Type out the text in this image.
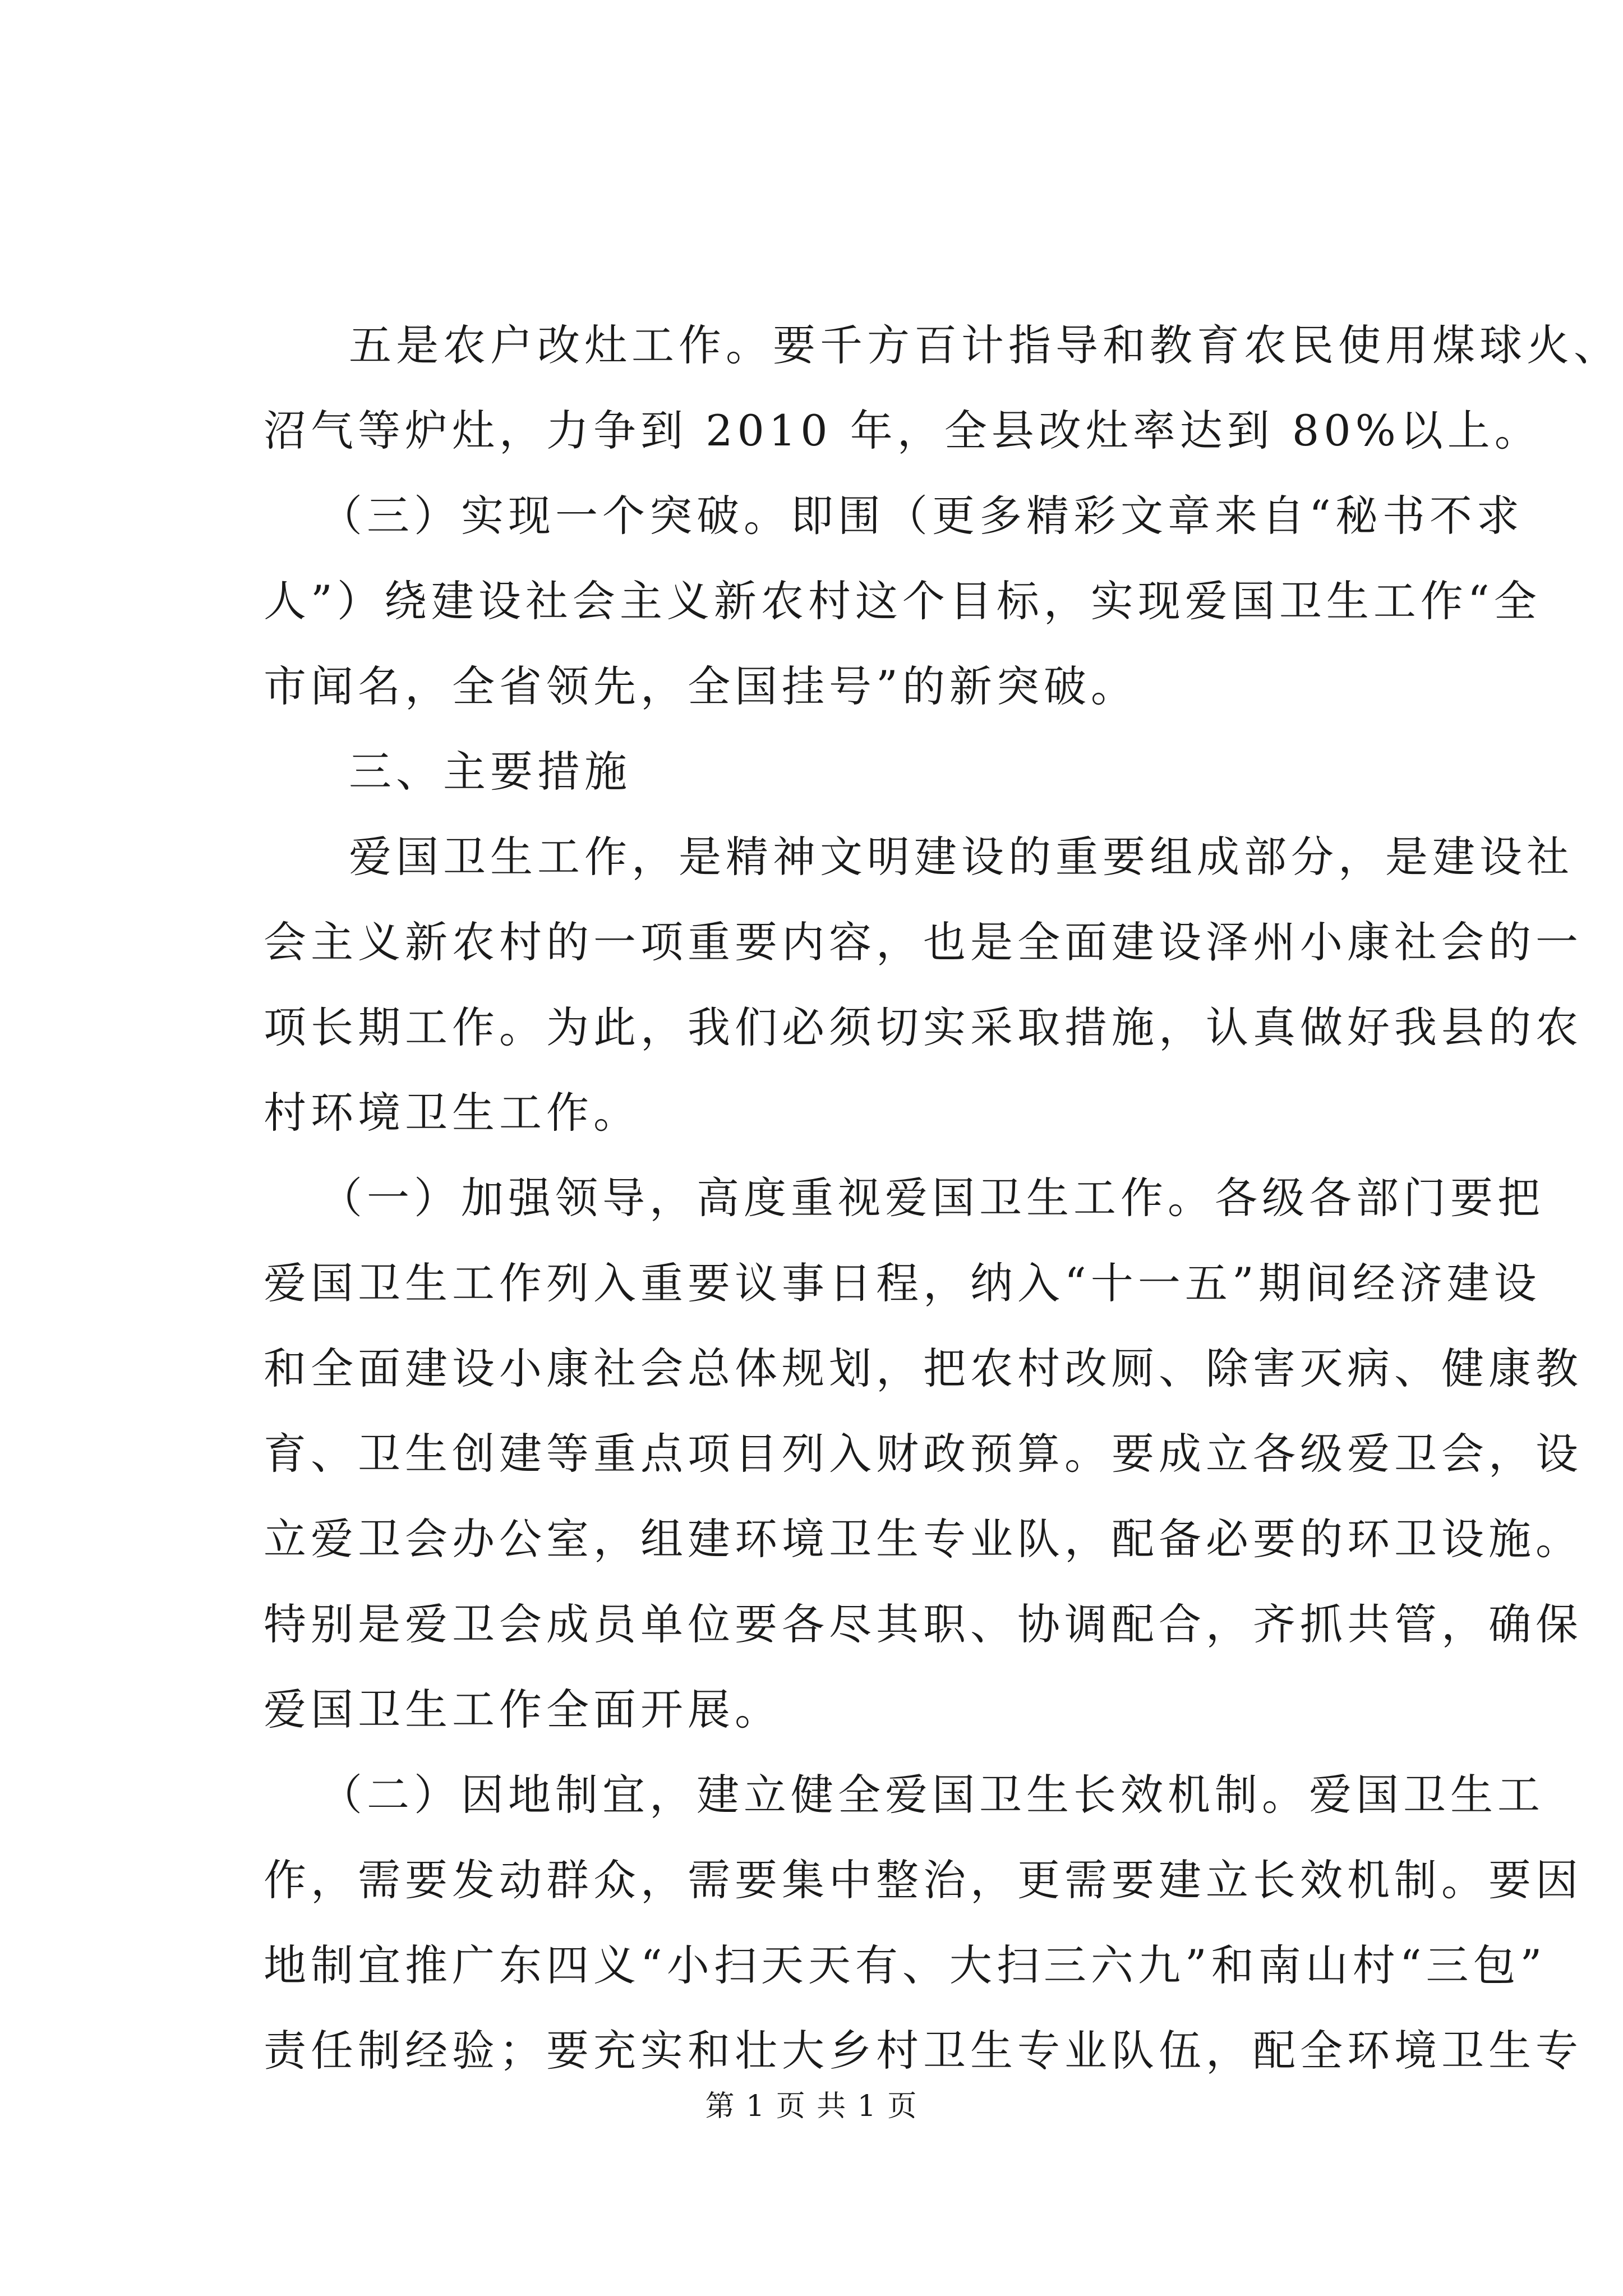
五是农户改灶工作。要千方百计指导和教育农民使用煤球火、
沼气等炉灶，力争到 2010 年，全县改灶率达到 80%以上。
（三）实现一个突破。即围（更多精彩文章来自“秘书不求
人”）绕建设社会主义新农村这个目标，实现爱国卫生工作“全
市闻名，全省领先，全国挂号”的新突破。
三、主要措施
爱国卫生工作，是精神文明建设的重要组成部分，是建设社
会主义新农村的一项重要内容，也是全面建设泽州小康社会的一
项长期工作。为此，我们必须切实采取措施，认真做好我县的农
村环境卫生工作。
（一）加强领导，高度重视爱国卫生工作。各级各部门要把
爱国卫生工作列入重要议事日程，纳入“十一五”期间经济建设
和全面建设小康社会总体规划，把农村改厕、除害灭病、健康教
育、卫生创建等重点项目列入财政预算。要成立各级爱卫会，设
立爱卫会办公室，组建环境卫生专业队，配备必要的环卫设施。
特别是爱卫会成员单位要各尽其职、协调配合，齐抓共管，确保
爱国卫生工作全面开展。
（二）因地制宜，建立健全爱国卫生长效机制。爱国卫生工
作，需要发动群众，需要集中整治，更需要建立长效机制。要因
地制宜推广东四义“小扫天天有、大扫三六九”和南山村“三包”
责任制经验；要充实和壮大乡村卫生专业队伍，配全环境卫生专
第 1 页 共 1 页
